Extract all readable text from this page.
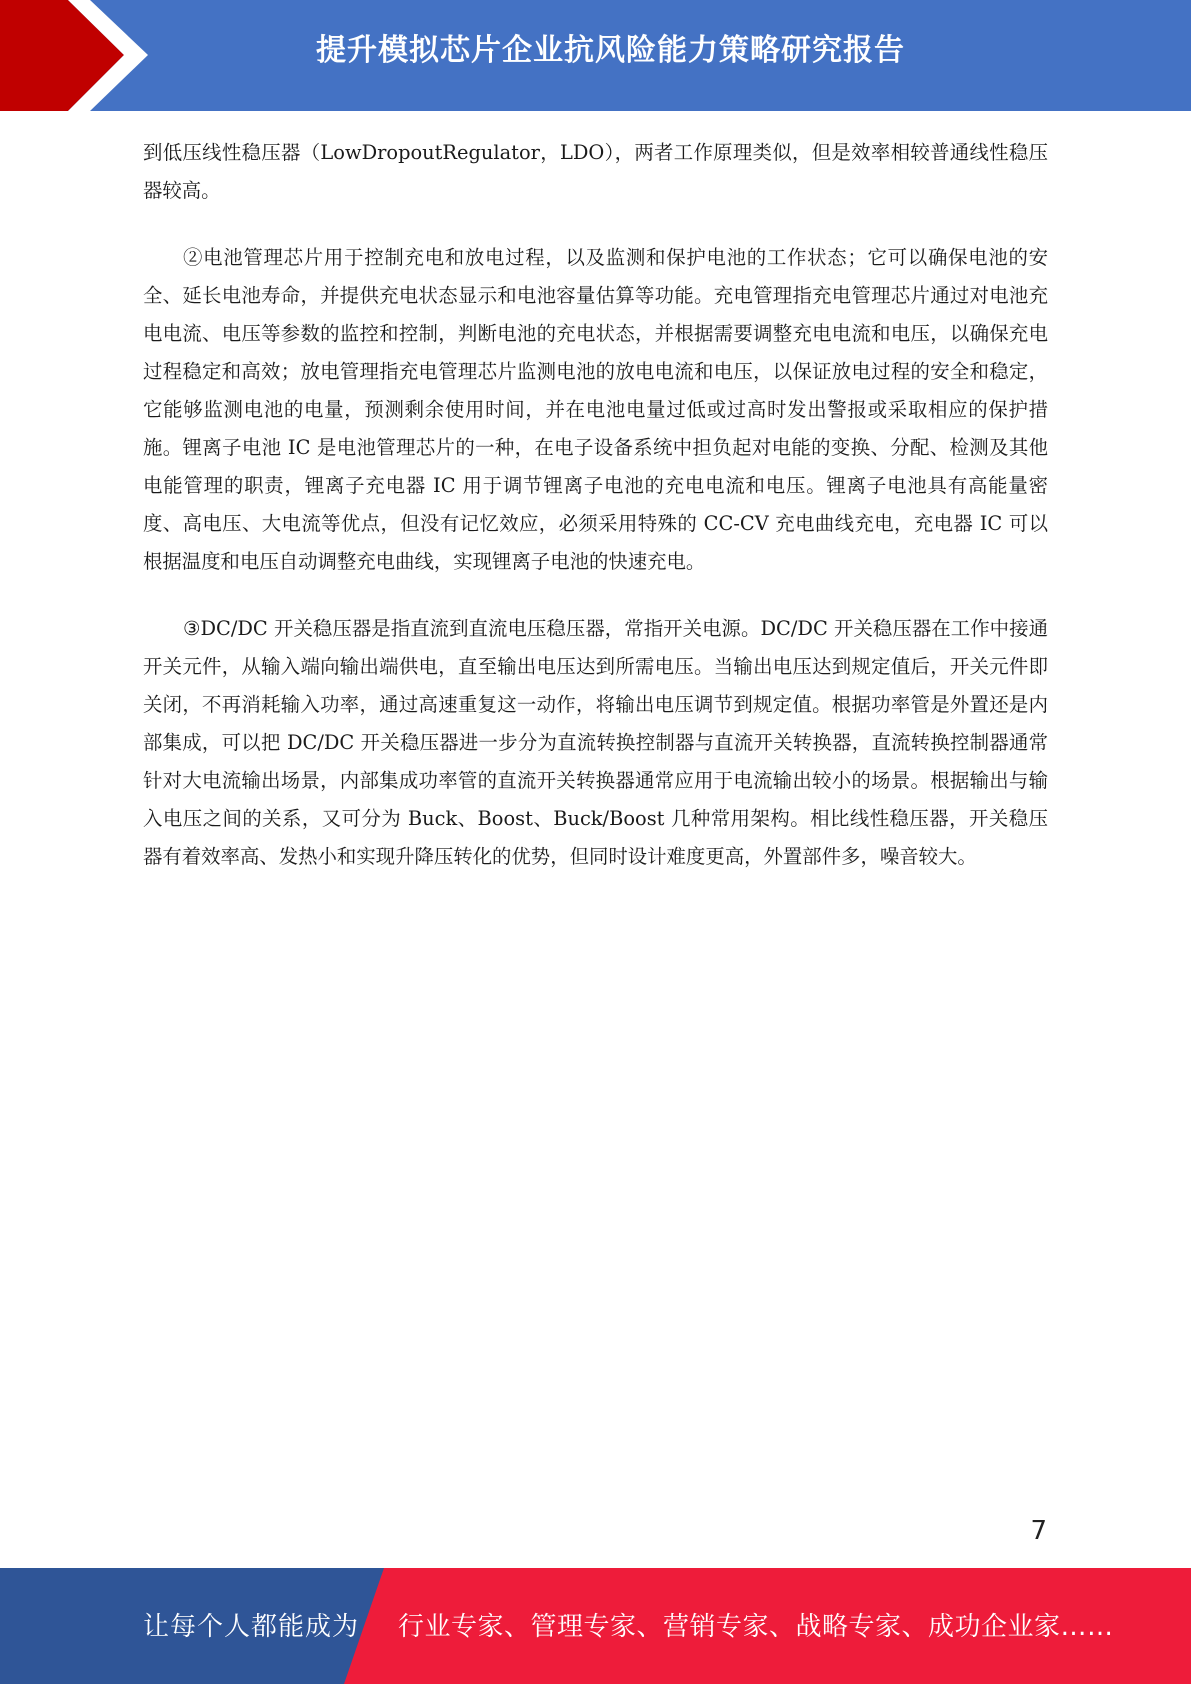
提升模拟芯片企业抗风险能力策略研究报告

到低压线性稳压器（LowDropoutRegulator，LDO），两者工作原理类似，但是效率相较普通线性稳压器较高。

②电池管理芯片用于控制充电和放电过程，以及监测和保护电池的工作状态；它可以确保电池的安全、延长电池寿命，并提供充电状态显示和电池容量估算等功能。充电管理指充电管理芯片通过对电池充电电流、电压等参数的监控和控制，判断电池的充电状态，并根据需要调整充电电流和电压，以确保充电过程稳定和高效；放电管理指充电管理芯片监测电池的放电电流和电压，以保证放电过程的安全和稳定，它能够监测电池的电量，预测剩余使用时间，并在电池电量过低或过高时发出警报或采取相应的保护措施。锂离子电池 IC 是电池管理芯片的一种，在电子设备系统中担负起对电能的变换、分配、检测及其他电能管理的职责，锂离子充电器 IC 用于调节锂离子电池的充电电流和电压。锂离子电池具有高能量密度、高电压、大电流等优点，但没有记忆效应，必须采用特殊的 CC-CV 充电曲线充电，充电器 IC 可以根据温度和电压自动调整充电曲线，实现锂离子电池的快速充电。

③DC/DC 开关稳压器是指直流到直流电压稳压器，常指开关电源。DC/DC 开关稳压器在工作中接通开关元件，从输入端向输出端供电，直至输出电压达到所需电压。当输出电压达到规定值后，开关元件即关闭，不再消耗输入功率，通过高速重复这一动作，将输出电压调节到规定值。根据功率管是外置还是内部集成，可以把 DC/DC 开关稳压器进一步分为直流转换控制器与直流开关转换器，直流转换控制器通常针对大电流输出场景，内部集成功率管的直流开关转换器通常应用于电流输出较小的场景。根据输出与输入电压之间的关系，又可分为 Buck、Boost、Buck/Boost 几种常用架构。相比线性稳压器，开关稳压器有着效率高、发热小和实现升降压转化的优势，但同时设计难度更高，外置部件多，噪音较大。

7
让每个人都能成为 行业专家、管理专家、营销专家、战略专家、成功企业家……
